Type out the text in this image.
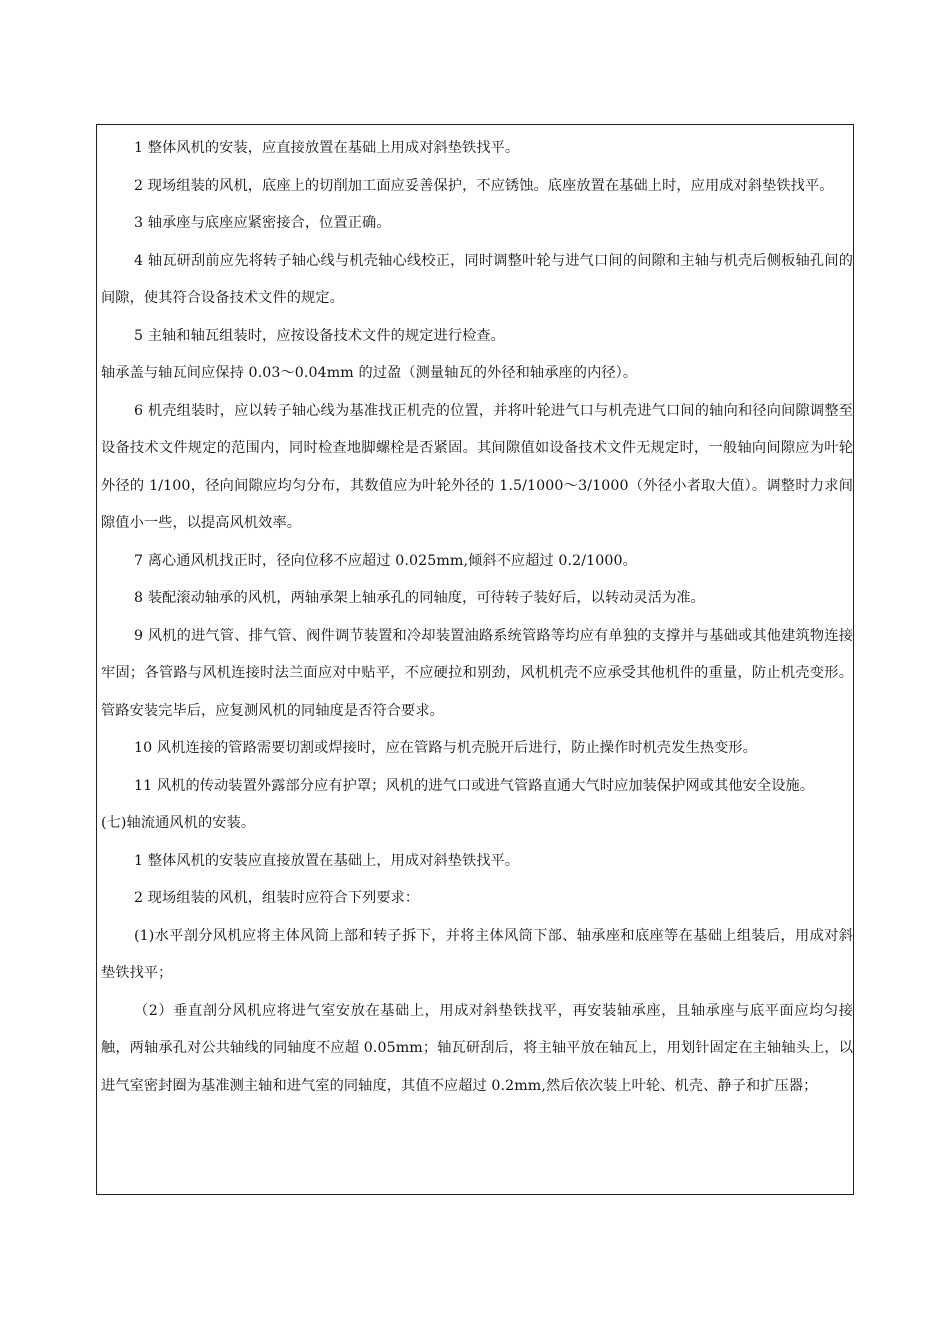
1 整体风机的安装，应直接放置在基础上用成对斜垫铁找平。

2 现场组装的风机，底座上的切削加工面应妥善保护，不应锈蚀。底座放置在基础上时，应用成对斜垫铁找平。

3 轴承座与底座应紧密接合，位置正确。

4 轴瓦研刮前应先将转子轴心线与机壳轴心线校正，同时调整叶轮与进气口间的间隙和主轴与机壳后侧板轴孔间的间隙，使其符合设备技术文件的规定。

5 主轴和轴瓦组装时，应按设备技术文件的规定进行检查。

轴承盖与轴瓦间应保持 0.03～0.04mm 的过盈（测量轴瓦的外径和轴承座的内径）。

6 机壳组装时，应以转子轴心线为基准找正机壳的位置，并将叶轮进气口与机壳进气口间的轴向和径向间隙调整至设备技术文件规定的范围内，同时检查地脚螺栓是否紧固。其间隙值如设备技术文件无规定时，一般轴向间隙应为叶轮外径的 1/100，径向间隙应均匀分布，其数值应为叶轮外径的 1.5/1000～3/1000（外径小者取大值）。调整时力求间隙值小一些，以提高风机效率。

7 离心通风机找正时，径向位移不应超过 0.025mm,倾斜不应超过 0.2/1000。

8 装配滚动轴承的风机，两轴承架上轴承孔的同轴度，可待转子装好后，以转动灵活为准。

9 风机的进气管、排气管、阀件调节装置和冷却装置油路系统管路等均应有单独的支撑并与基础或其他建筑物连接牢固；各管路与风机连接时法兰面应对中贴平，不应硬拉和别劲，风机机壳不应承受其他机件的重量，防止机壳变形。管路安装完毕后，应复测风机的同轴度是否符合要求。

10 风机连接的管路需要切割或焊接时，应在管路与机壳脱开后进行，防止操作时机壳发生热变形。

11 风机的传动装置外露部分应有护罩；风机的进气口或进气管路直通大气时应加装保护网或其他安全设施。

(七)轴流通风机的安装。

1 整体风机的安装应直接放置在基础上，用成对斜垫铁找平。

2 现场组装的风机，组装时应符合下列要求：

(1)水平剖分风机应将主体风筒上部和转子拆下，并将主体风筒下部、轴承座和底座等在基础上组装后，用成对斜垫铁找平；

（2）垂直剖分风机应将进气室安放在基础上，用成对斜垫铁找平，再安装轴承座，且轴承座与底平面应均匀接触，两轴承孔对公共轴线的同轴度不应超 0.05mm；轴瓦研刮后，将主轴平放在轴瓦上，用划针固定在主轴轴头上，以进气室密封圈为基准测主轴和进气室的同轴度，其值不应超过 0.2mm,然后依次装上叶轮、机壳、静子和扩压器；
